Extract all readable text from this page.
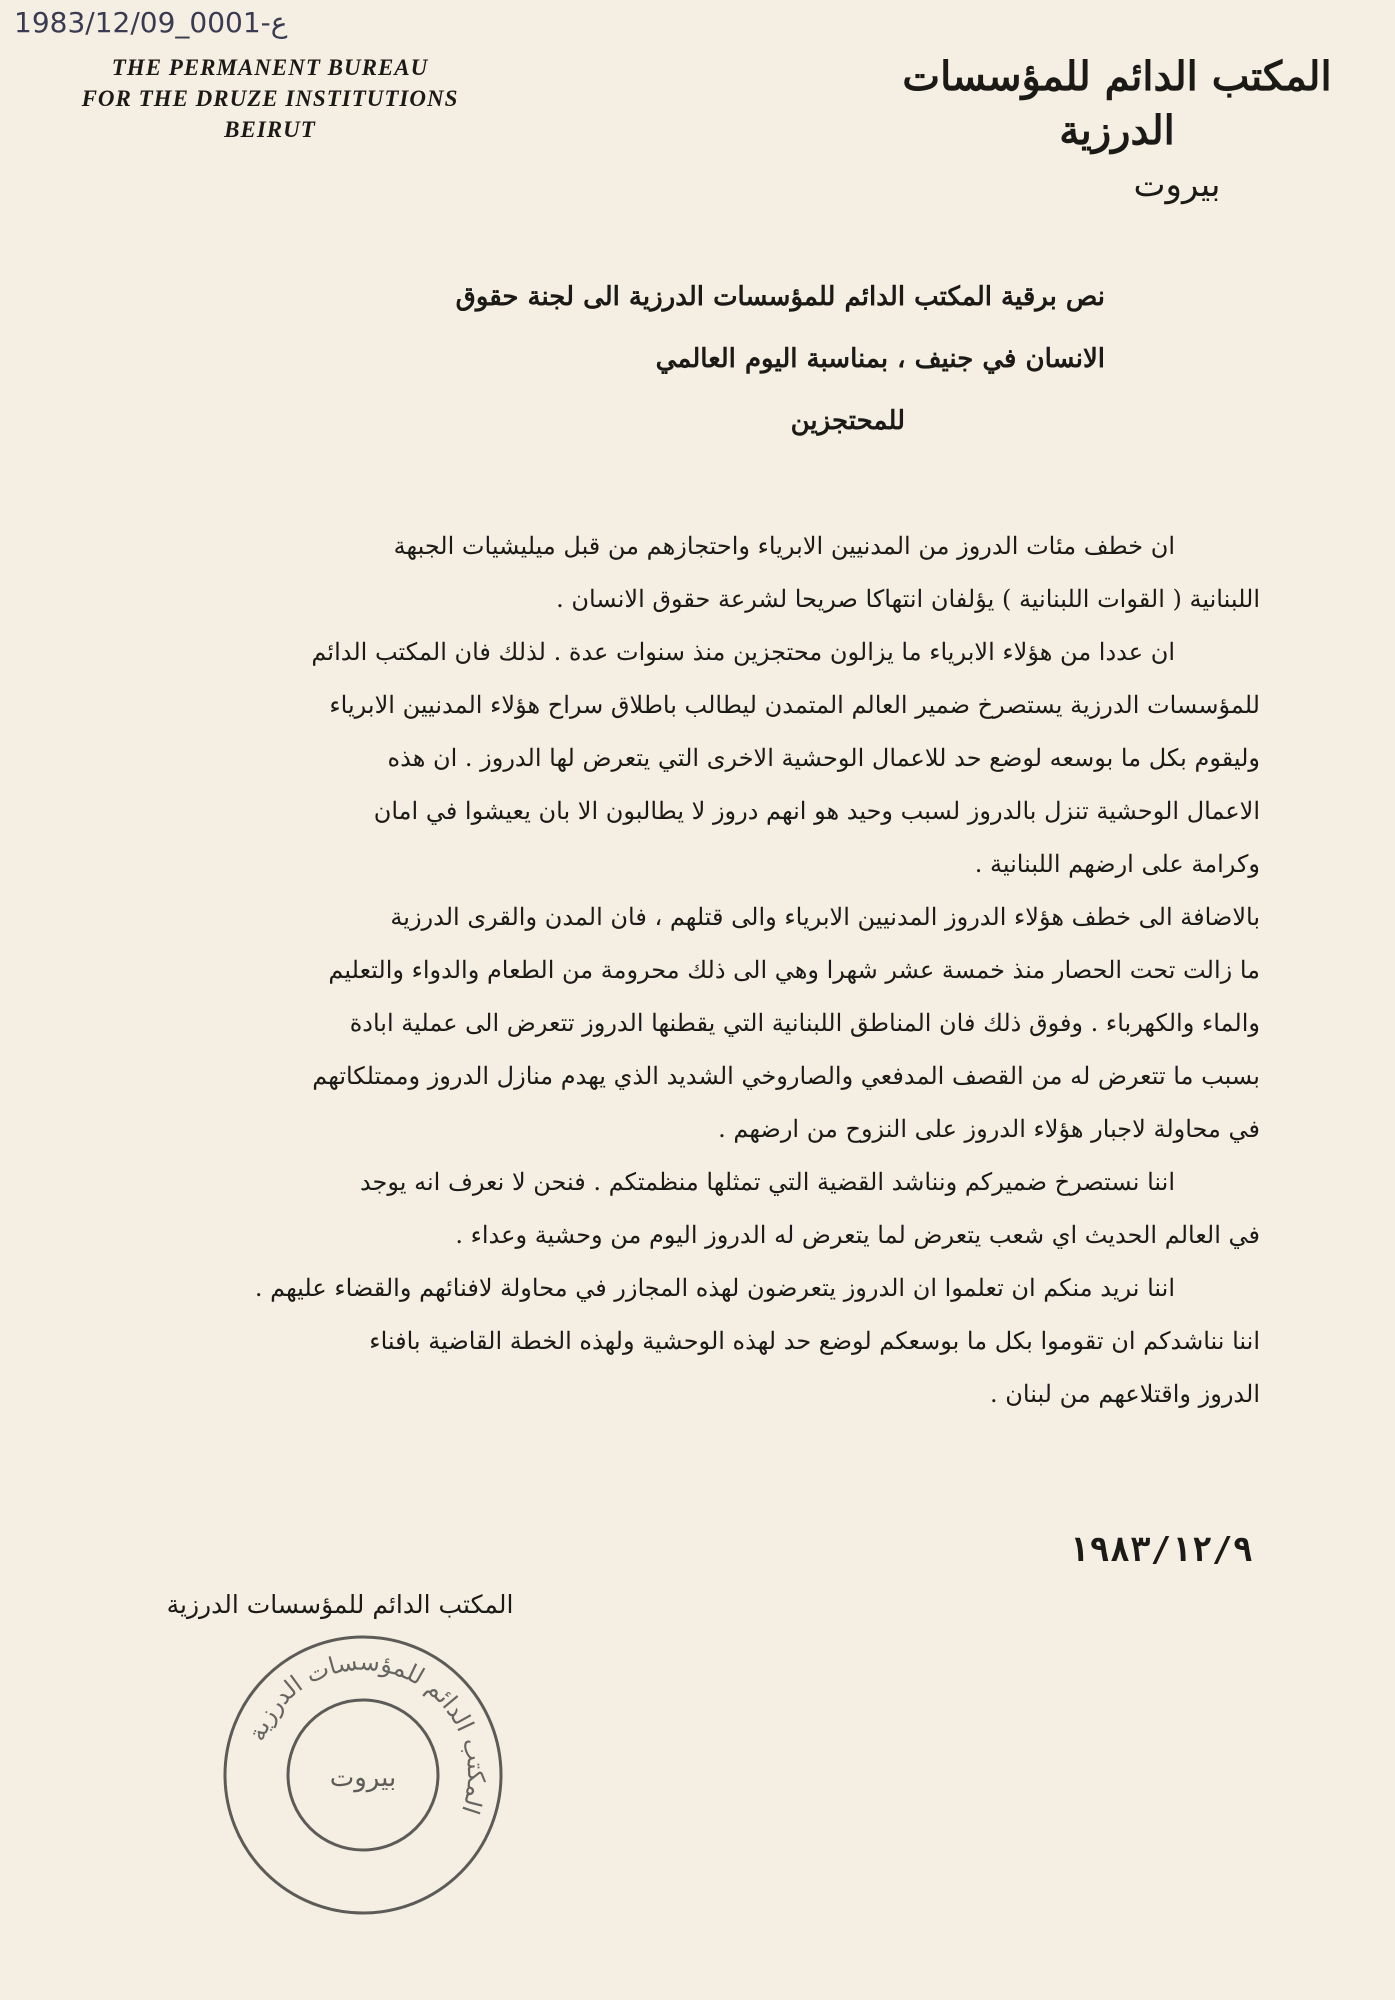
1983/12/09_0001-ع
THE PERMANENT BUREAU
FOR THE DRUZE INSTITUTIONS
BEIRUT
المكتب الدائم للمؤسسات الدرزية
بيروت
نص برقية المكتب الدائم للمؤسسات الدرزية الى لجنة حقوق
الانسان في جنيف ، بمناسبة اليوم العالمي
للمحتجزين

ان خطف مئات الدروز من المدنيين الابرياء واحتجازهم من قبل ميليشيات الجبهة

اللبنانية ( القوات اللبنانية ) يؤلفان انتهاكا صريحا لشرعة حقوق الانسان .

ان عددا من هؤلاء الابرياء ما يزالون محتجزين منذ سنوات عدة . لذلك فان المكتب الدائم

للمؤسسات الدرزية يستصرخ ضمير العالم المتمدن ليطالب باطلاق سراح هؤلاء المدنيين الابرياء

وليقوم بكل ما بوسعه لوضع حد للاعمال الوحشية الاخرى التي يتعرض لها الدروز . ان هذه

الاعمال الوحشية تنزل بالدروز لسبب وحيد هو انهم دروز لا يطالبون الا بان يعيشوا في امان

وكرامة على ارضهم اللبنانية .

بالاضافة الى خطف هؤلاء الدروز المدنيين الابرياء والى قتلهم ، فان المدن والقرى الدرزية

ما زالت تحت الحصار منذ خمسة عشر شهرا وهي الى ذلك محرومة من الطعام والدواء والتعليم

والماء والكهرباء . وفوق ذلك فان المناطق اللبنانية التي يقطنها الدروز تتعرض الى عملية ابادة

بسبب ما تتعرض له من القصف المدفعي والصاروخي الشديد الذي يهدم منازل الدروز وممتلكاتهم

في محاولة لاجبار هؤلاء الدروز على النزوح من ارضهم .

اننا نستصرخ ضميركم ونناشد القضية التي تمثلها منظمتكم . فنحن لا نعرف انه يوجد

في العالم الحديث اي شعب يتعرض لما يتعرض له الدروز اليوم من وحشية وعداء .

اننا نريد منكم ان تعلموا ان الدروز يتعرضون لهذه المجازر في محاولة لافنائهم والقضاء عليهم .

اننا نناشدكم ان تقوموا بكل ما بوسعكم لوضع حد لهذه الوحشية ولهذه الخطة القاضية بافناء

الدروز واقتلاعهم من لبنان .

١٩٨٣/١٢/٩
المكتب الدائم للمؤسسات الدرزية
المكتب الدائم للمؤسسات الدرزية
بيروت
